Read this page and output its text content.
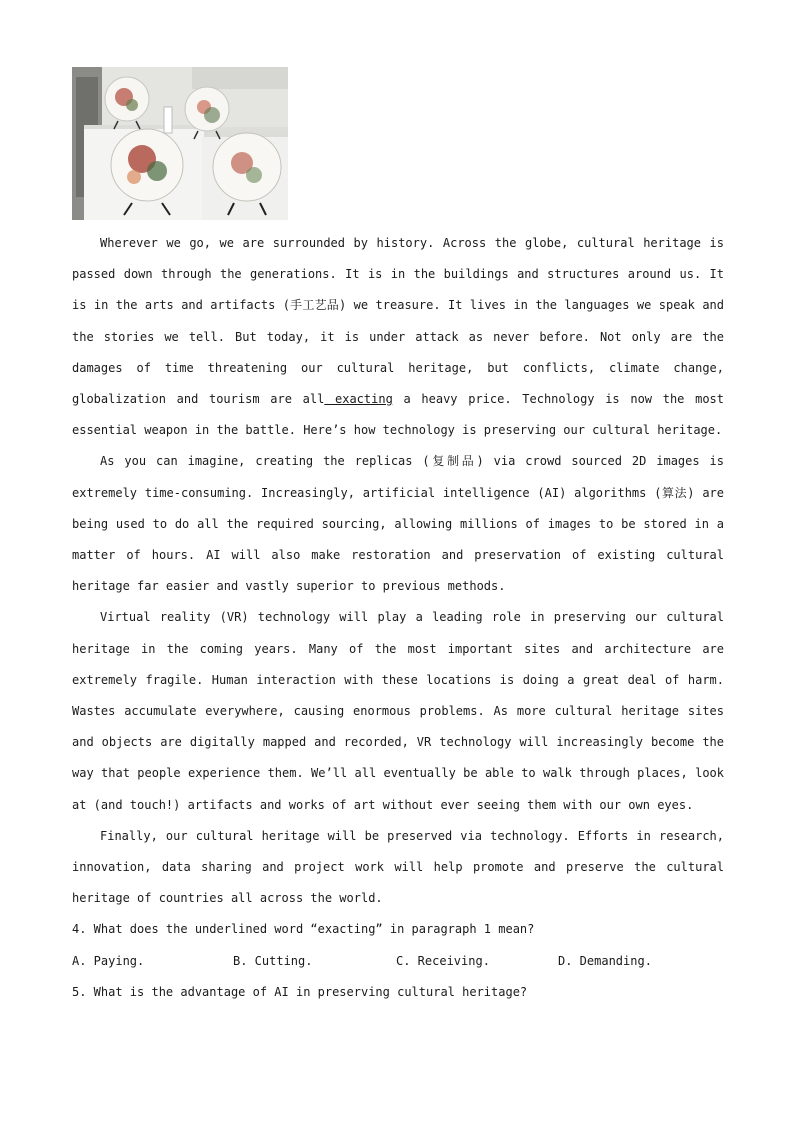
Wherever we go, we are surrounded by history. Across the globe, cultural heritage is passed down through the generations. It is in the buildings and structures around us. It is in the arts and artifacts (手工艺品) we treasure. It lives in the languages we speak and the stories we tell. But today, it is under attack as never before. Not only are the damages of time threatening our cultural heritage, but conflicts, climate change, globalization and tourism are all exacting a heavy price. Technology is now the most essential weapon in the battle. Here’s how technology is preserving our cultural heritage.

As you can imagine, creating the replicas (复制品) via crowd sourced 2D images is extremely time-consuming. Increasingly, artificial intelligence (AI) algorithms (算法) are being used to do all the required sourcing, allowing millions of images to be stored in a matter of hours. AI will also make restoration and preservation of existing cultural heritage far easier and vastly superior to previous methods.

Virtual reality (VR) technology will play a leading role in preserving our cultural heritage in the coming years. Many of the most important sites and architecture are extremely fragile. Human interaction with these locations is doing a great deal of harm. Wastes accumulate everywhere, causing enormous problems. As more cultural heritage sites and objects are digitally mapped and recorded, VR technology will increasingly become the way that people experience them. We’ll all eventually be able to walk through places, look at (and touch!) artifacts and works of art without ever seeing them with our own eyes.

Finally, our cultural heritage will be preserved via technology. Efforts in research, innovation, data sharing and project work will help promote and preserve the cultural heritage of countries all across the world.

4. What does the underlined word “exacting” in paragraph 1 mean?

A. Paying.	B. Cutting.	C. Receiving.	D. Demanding.

5. What is the advantage of AI in preserving cultural heritage?
